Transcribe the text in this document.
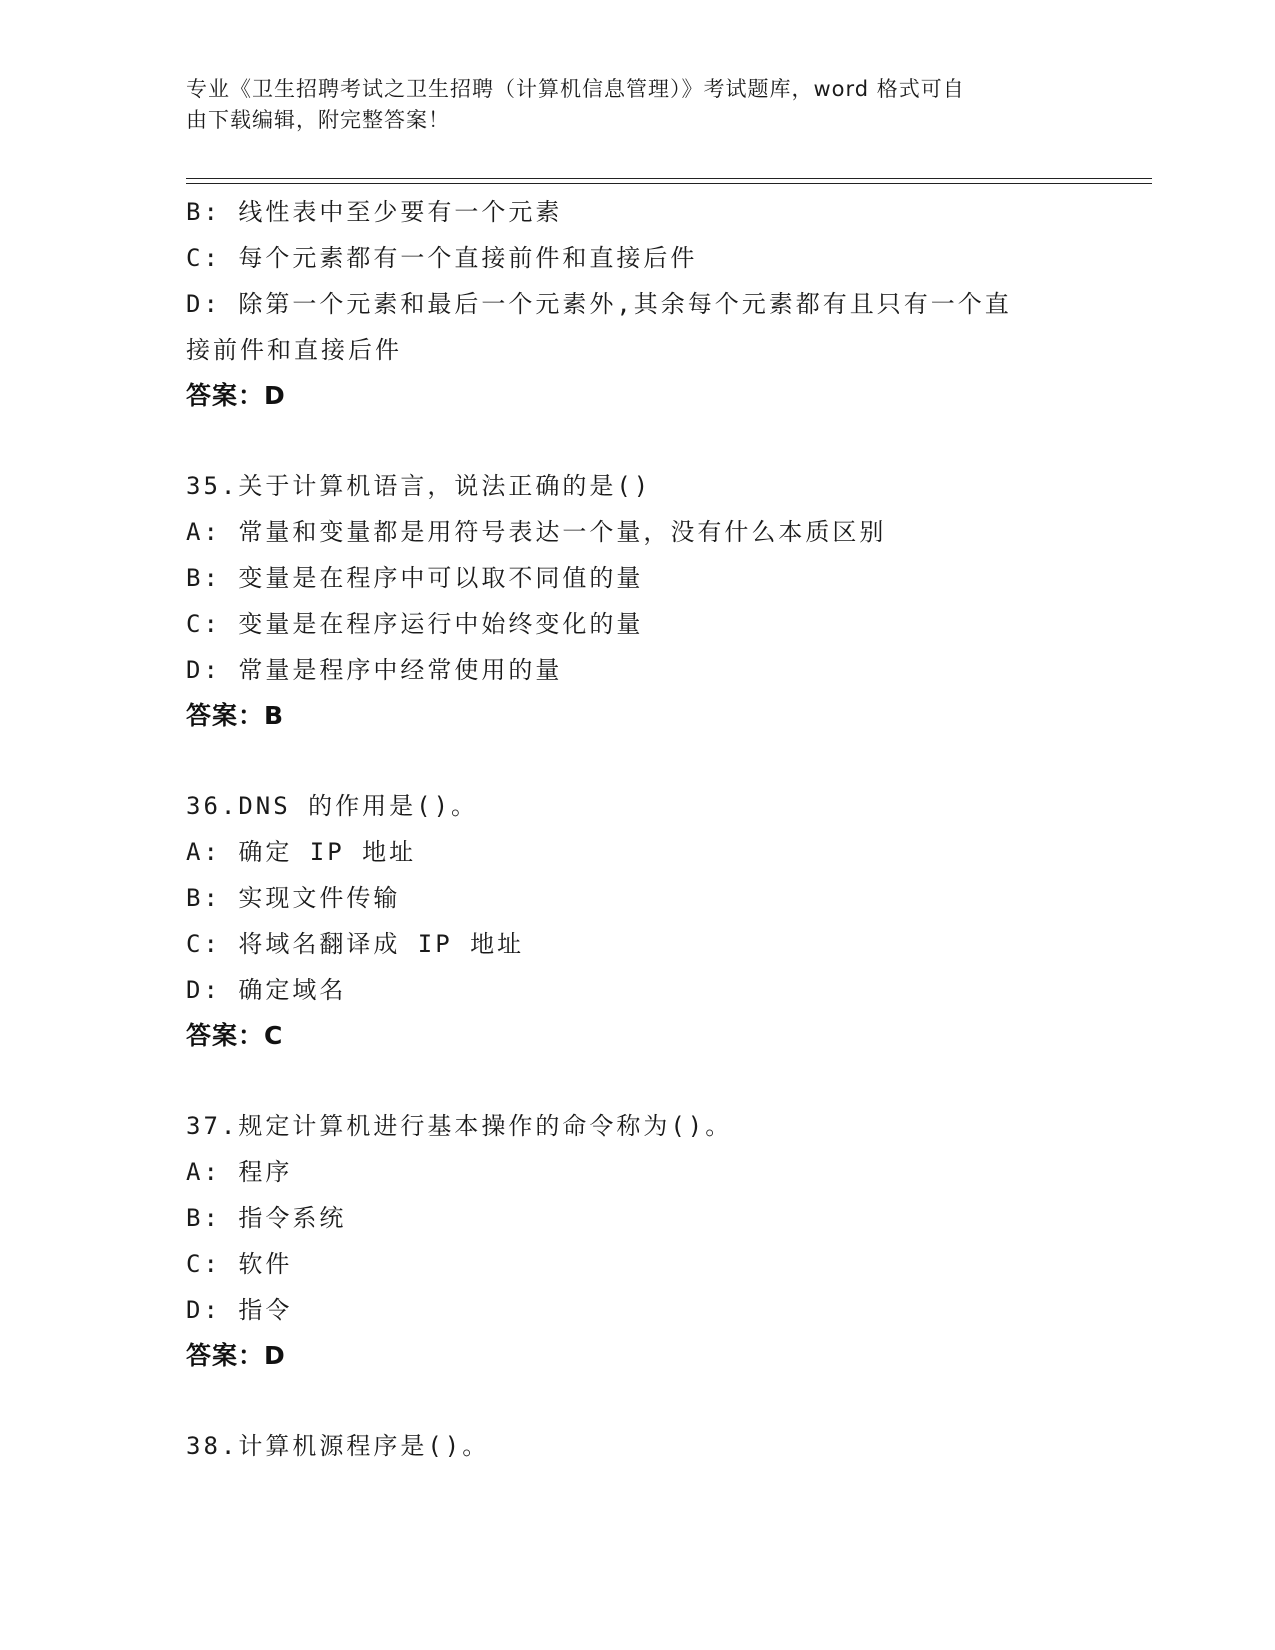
专业《卫生招聘考试之卫生招聘（计算机信息管理）》考试题库，word 格式可自
由下载编辑，附完整答案！

B: 线性表中至少要有一个元素

C: 每个元素都有一个直接前件和直接后件

D: 除第一个元素和最后一个元素外,其余每个元素都有且只有一个直

接前件和直接后件

答案：D

35.关于计算机语言，说法正确的是()

A: 常量和变量都是用符号表达一个量，没有什么本质区别

B: 变量是在程序中可以取不同值的量

C: 变量是在程序运行中始终变化的量

D: 常量是程序中经常使用的量

答案：B

36.DNS 的作用是()。

A: 确定 IP 地址

B: 实现文件传输

C: 将域名翻译成 IP 地址

D: 确定域名

答案：C

37.规定计算机进行基本操作的命令称为()。

A: 程序

B: 指令系统

C: 软件

D: 指令

答案：D

38.计算机源程序是()。
